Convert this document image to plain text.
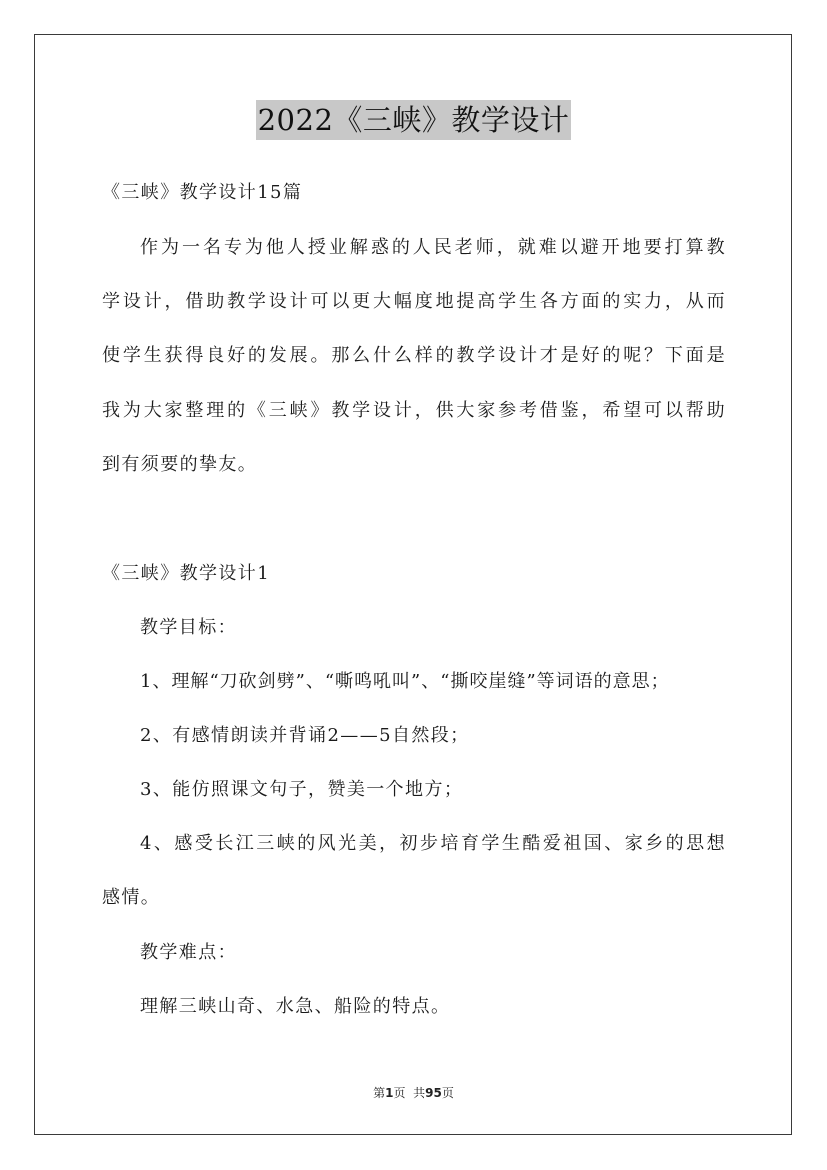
2022《三峡》教学设计
《三峡》教学设计15篇
作为一名专为他人授业解惑的人民老师，就难以避开地要打算教
学设计，借助教学设计可以更大幅度地提高学生各方面的实力，从而
使学生获得良好的发展。那么什么样的教学设计才是好的呢？下面是
我为大家整理的《三峡》教学设计，供大家参考借鉴，希望可以帮助
到有须要的挚友。
《三峡》教学设计1
教学目标：
1、理解“刀砍剑劈”、“嘶鸣吼叫”、“撕咬崖缝”等词语的意思；
2、有感情朗读并背诵2——5自然段；
3、能仿照课文句子，赞美一个地方；
4、感受长江三峡的风光美，初步培育学生酷爱祖国、家乡的思想
感情。
教学难点：
理解三峡山奇、水急、船险的特点。
第1页 共95页
